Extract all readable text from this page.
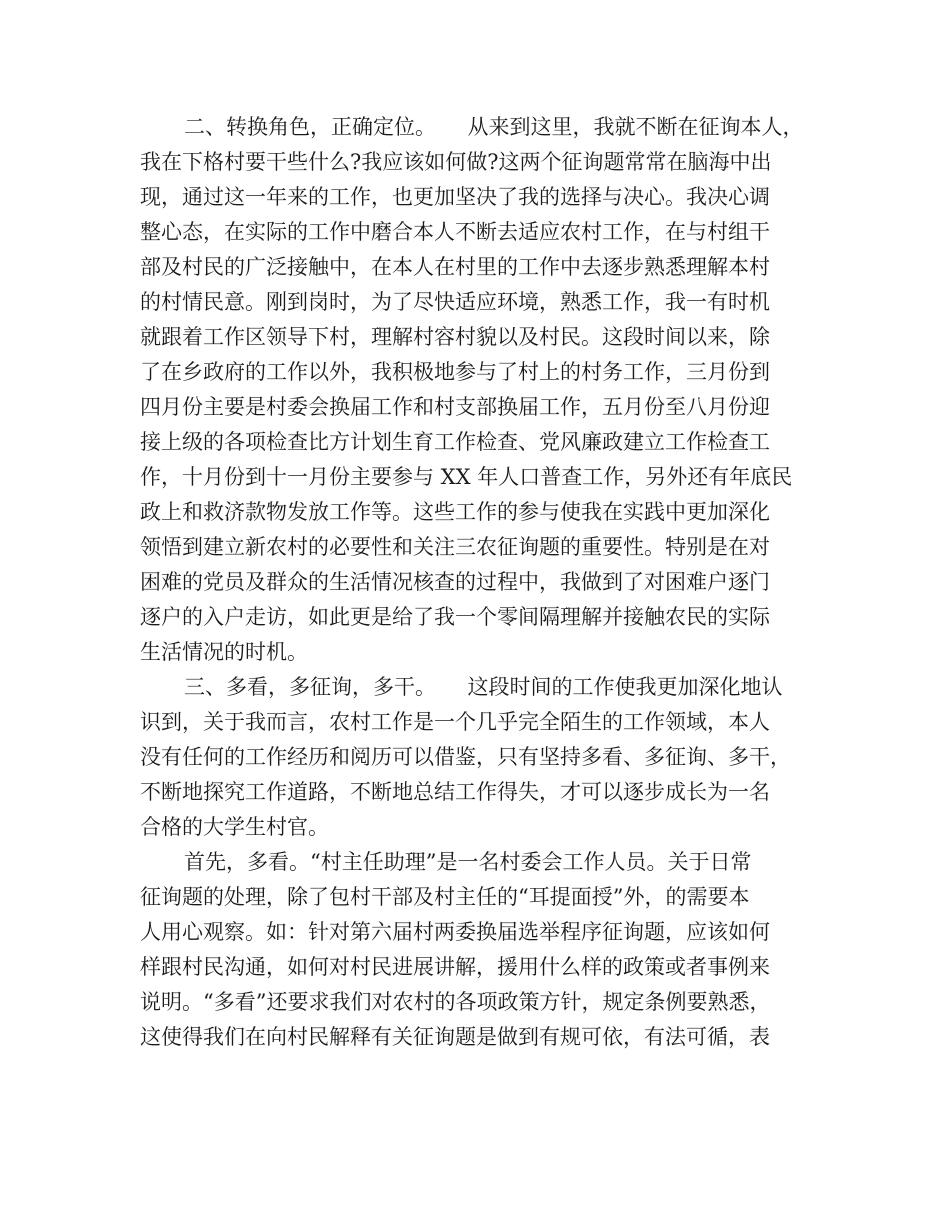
二、转换角色，正确定位。　　从来到这里，我就不断在征询本人，
我在下格村要干些什么?我应该如何做?这两个征询题常常在脑海中出
现，通过这一年来的工作，也更加坚决了我的选择与决心。我决心调
整心态，在实际的工作中磨合本人不断去适应农村工作，在与村组干
部及村民的广泛接触中，在本人在村里的工作中去逐步熟悉理解本村
的村情民意。刚到岗时，为了尽快适应环境，熟悉工作，我一有时机
就跟着工作区领导下村，理解村容村貌以及村民。这段时间以来，除
了在乡政府的工作以外，我积极地参与了村上的村务工作，三月份到
四月份主要是村委会换届工作和村支部换届工作，五月份至八月份迎
接上级的各项检查比方计划生育工作检查、党风廉政建立工作检查工
作，十月份到十一月份主要参与 XX 年人口普查工作，另外还有年底民
政上和救济款物发放工作等。这些工作的参与使我在实践中更加深化
领悟到建立新农村的必要性和关注三农征询题的重要性。特别是在对
困难的党员及群众的生活情况核查的过程中，我做到了对困难户逐门
逐户的入户走访，如此更是给了我一个零间隔理解并接触农民的实际
生活情况的时机。
三、多看，多征询，多干。　　这段时间的工作使我更加深化地认
识到，关于我而言，农村工作是一个几乎完全陌生的工作领域，本人
没有任何的工作经历和阅历可以借鉴，只有坚持多看、多征询、多干，
不断地探究工作道路，不断地总结工作得失，才可以逐步成长为一名
合格的大学生村官。
首先，多看。“村主任助理”是一名村委会工作人员。关于日常
征询题的处理，除了包村干部及村主任的“耳提面授”外，的需要本
人用心观察。如：针对第六届村两委换届选举程序征询题，应该如何
样跟村民沟通，如何对村民进展讲解，援用什么样的政策或者事例来
说明。“多看”还要求我们对农村的各项政策方针，规定条例要熟悉，
这使得我们在向村民解释有关征询题是做到有规可依，有法可循，表
